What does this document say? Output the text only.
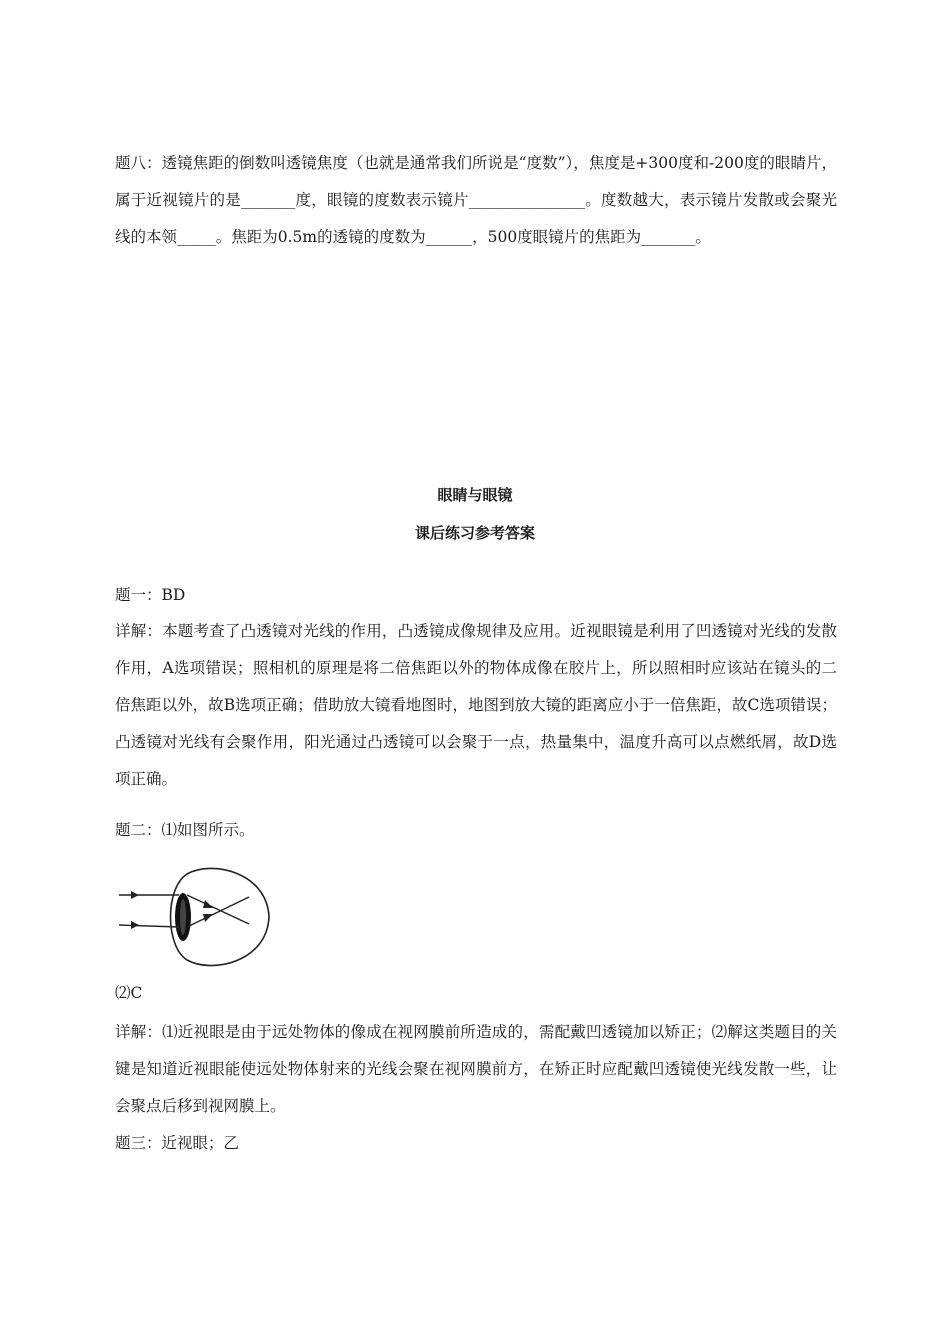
题八：透镜焦距的倒数叫透镜焦度（也就是通常我们所说是“度数”），焦度是+300度和-200度的眼睛片，属于近视镜片的是_______度，眼镜的度数表示镜片_______________。度数越大，表示镜片发散或会聚光线的本领_____。焦距为0.5m的透镜的度数为______，500度眼镜片的焦距为_______。

眼睛与眼镜
课后练习参考答案

题一：BD

详解：本题考查了凸透镜对光线的作用，凸透镜成像规律及应用。近视眼镜是利用了凹透镜对光线的发散作用，A选项错误；照相机的原理是将二倍焦距以外的物体成像在胶片上，所以照相时应该站在镜头的二倍焦距以外，故B选项正确；借助放大镜看地图时，地图到放大镜的距离应小于一倍焦距，故C选项错误；凸透镜对光线有会聚作用，阳光通过凸透镜可以会聚于一点，热量集中，温度升高可以点燃纸屑，故D选项正确。

题二：⑴如图所示。

⑵C

详解：⑴近视眼是由于远处物体的像成在视网膜前所造成的，需配戴凹透镜加以矫正；⑵解这类题目的关键是知道近视眼能使远处物体射来的光线会聚在视网膜前方，在矫正时应配戴凹透镜使光线发散一些，让会聚点后移到视网膜上。

题三：近视眼；乙
